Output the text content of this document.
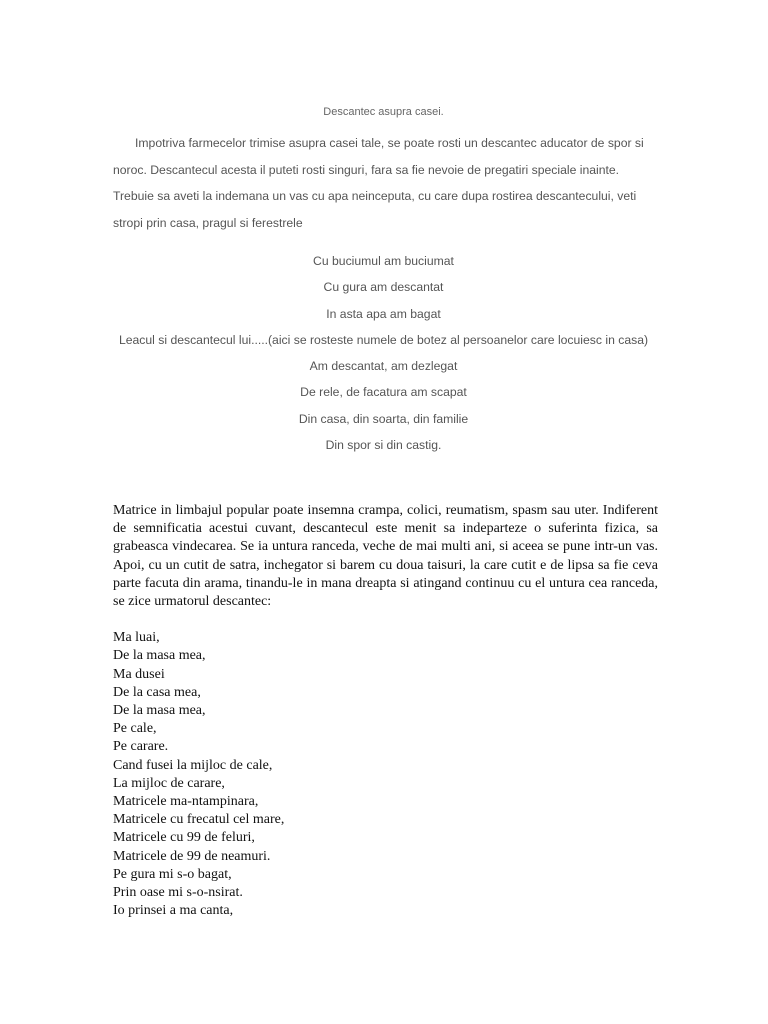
Descantec asupra casei.

Impotriva farmecelor trimise asupra casei tale, se poate rosti un descantec aducator de spor si noroc. Descantecul acesta il puteti rosti singuri, fara sa fie nevoie de pregatiri speciale inainte. Trebuie sa aveti la indemana un vas cu apa neinceputa, cu care dupa rostirea descantecului, veti stropi prin casa, pragul si ferestrele

Cu buciumul am buciumat
Cu gura am descantat
In asta apa am bagat
Leacul si descantecul lui.....(aici se rosteste numele de botez al persoanelor care locuiesc in casa)
Am descantat, am dezlegat
De rele, de facatura am scapat
Din casa, din soarta, din familie
Din spor si din castig.

Matrice in limbajul popular poate insemna crampa, colici, reumatism, spasm sau uter. Indiferent de semnificatia acestui cuvant, descantecul este menit sa indeparteze o suferinta fizica, sa grabeasca vindecarea. Se ia untura ranceda, veche de mai multi ani, si aceea se pune intr-un vas. Apoi, cu un cutit de satra, inchegator si barem cu doua taisuri, la care cutit e de lipsa sa fie ceva parte facuta din arama, tinandu-le in mana dreapta si atingand continuu cu el untura cea ranceda, se zice urmatorul descantec:

Ma luai,
De la masa mea,
Ma dusei
De la casa mea,
De la masa mea,
Pe cale,
Pe carare.
Cand fusei la mijloc de cale,
La mijloc de carare,
Matricele ma-ntampinara,
Matricele cu frecatul cel mare,
Matricele cu 99 de feluri,
Matricele de 99 de neamuri.
Pe gura mi s-o bagat,
Prin oase mi s-o-nsirat.
Io prinsei a ma canta,
